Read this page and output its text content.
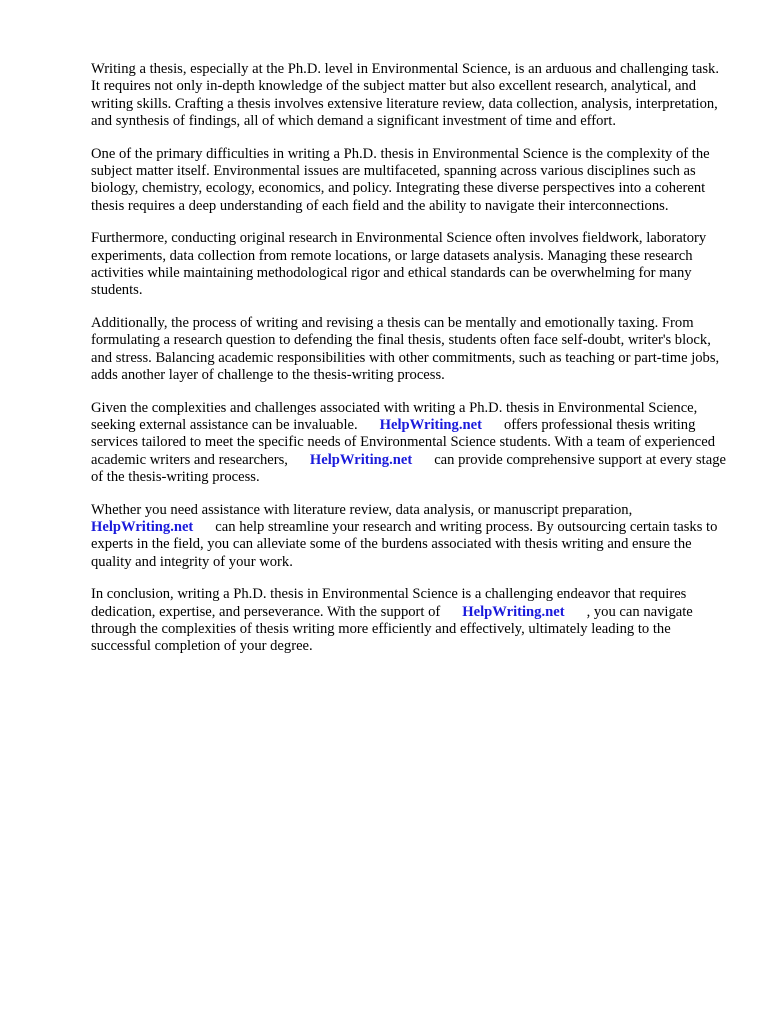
Writing a thesis, especially at the Ph.D. level in Environmental Science, is an arduous and challenging task. It requires not only in-depth knowledge of the subject matter but also excellent research, analytical, and writing skills. Crafting a thesis involves extensive literature review, data collection, analysis, interpretation, and synthesis of findings, all of which demand a significant investment of time and effort.

One of the primary difficulties in writing a Ph.D. thesis in Environmental Science is the complexity of the subject matter itself. Environmental issues are multifaceted, spanning across various disciplines such as biology, chemistry, ecology, economics, and policy. Integrating these diverse perspectives into a coherent thesis requires a deep understanding of each field and the ability to navigate their interconnections.

Furthermore, conducting original research in Environmental Science often involves fieldwork, laboratory experiments, data collection from remote locations, or large datasets analysis. Managing these research activities while maintaining methodological rigor and ethical standards can be overwhelming for many students.

Additionally, the process of writing and revising a thesis can be mentally and emotionally taxing. From formulating a research question to defending the final thesis, students often face self-doubt, writer's block, and stress. Balancing academic responsibilities with other commitments, such as teaching or part-time jobs, adds another layer of challenge to the thesis-writing process.

Given the complexities and challenges associated with writing a Ph.D. thesis in Environmental Science, seeking external assistance can be invaluable. HelpWriting.net offers professional thesis writing services tailored to meet the specific needs of Environmental Science students. With a team of experienced academic writers and researchers, HelpWriting.net can provide comprehensive support at every stage of the thesis-writing process.

Whether you need assistance with literature review, data analysis, or manuscript preparation, HelpWriting.net can help streamline your research and writing process. By outsourcing certain tasks to experts in the field, you can alleviate some of the burdens associated with thesis writing and ensure the quality and integrity of your work.

In conclusion, writing a Ph.D. thesis in Environmental Science is a challenging endeavor that requires dedication, expertise, and perseverance. With the support of HelpWriting.net , you can navigate through the complexities of thesis writing more efficiently and effectively, ultimately leading to the successful completion of your degree.
